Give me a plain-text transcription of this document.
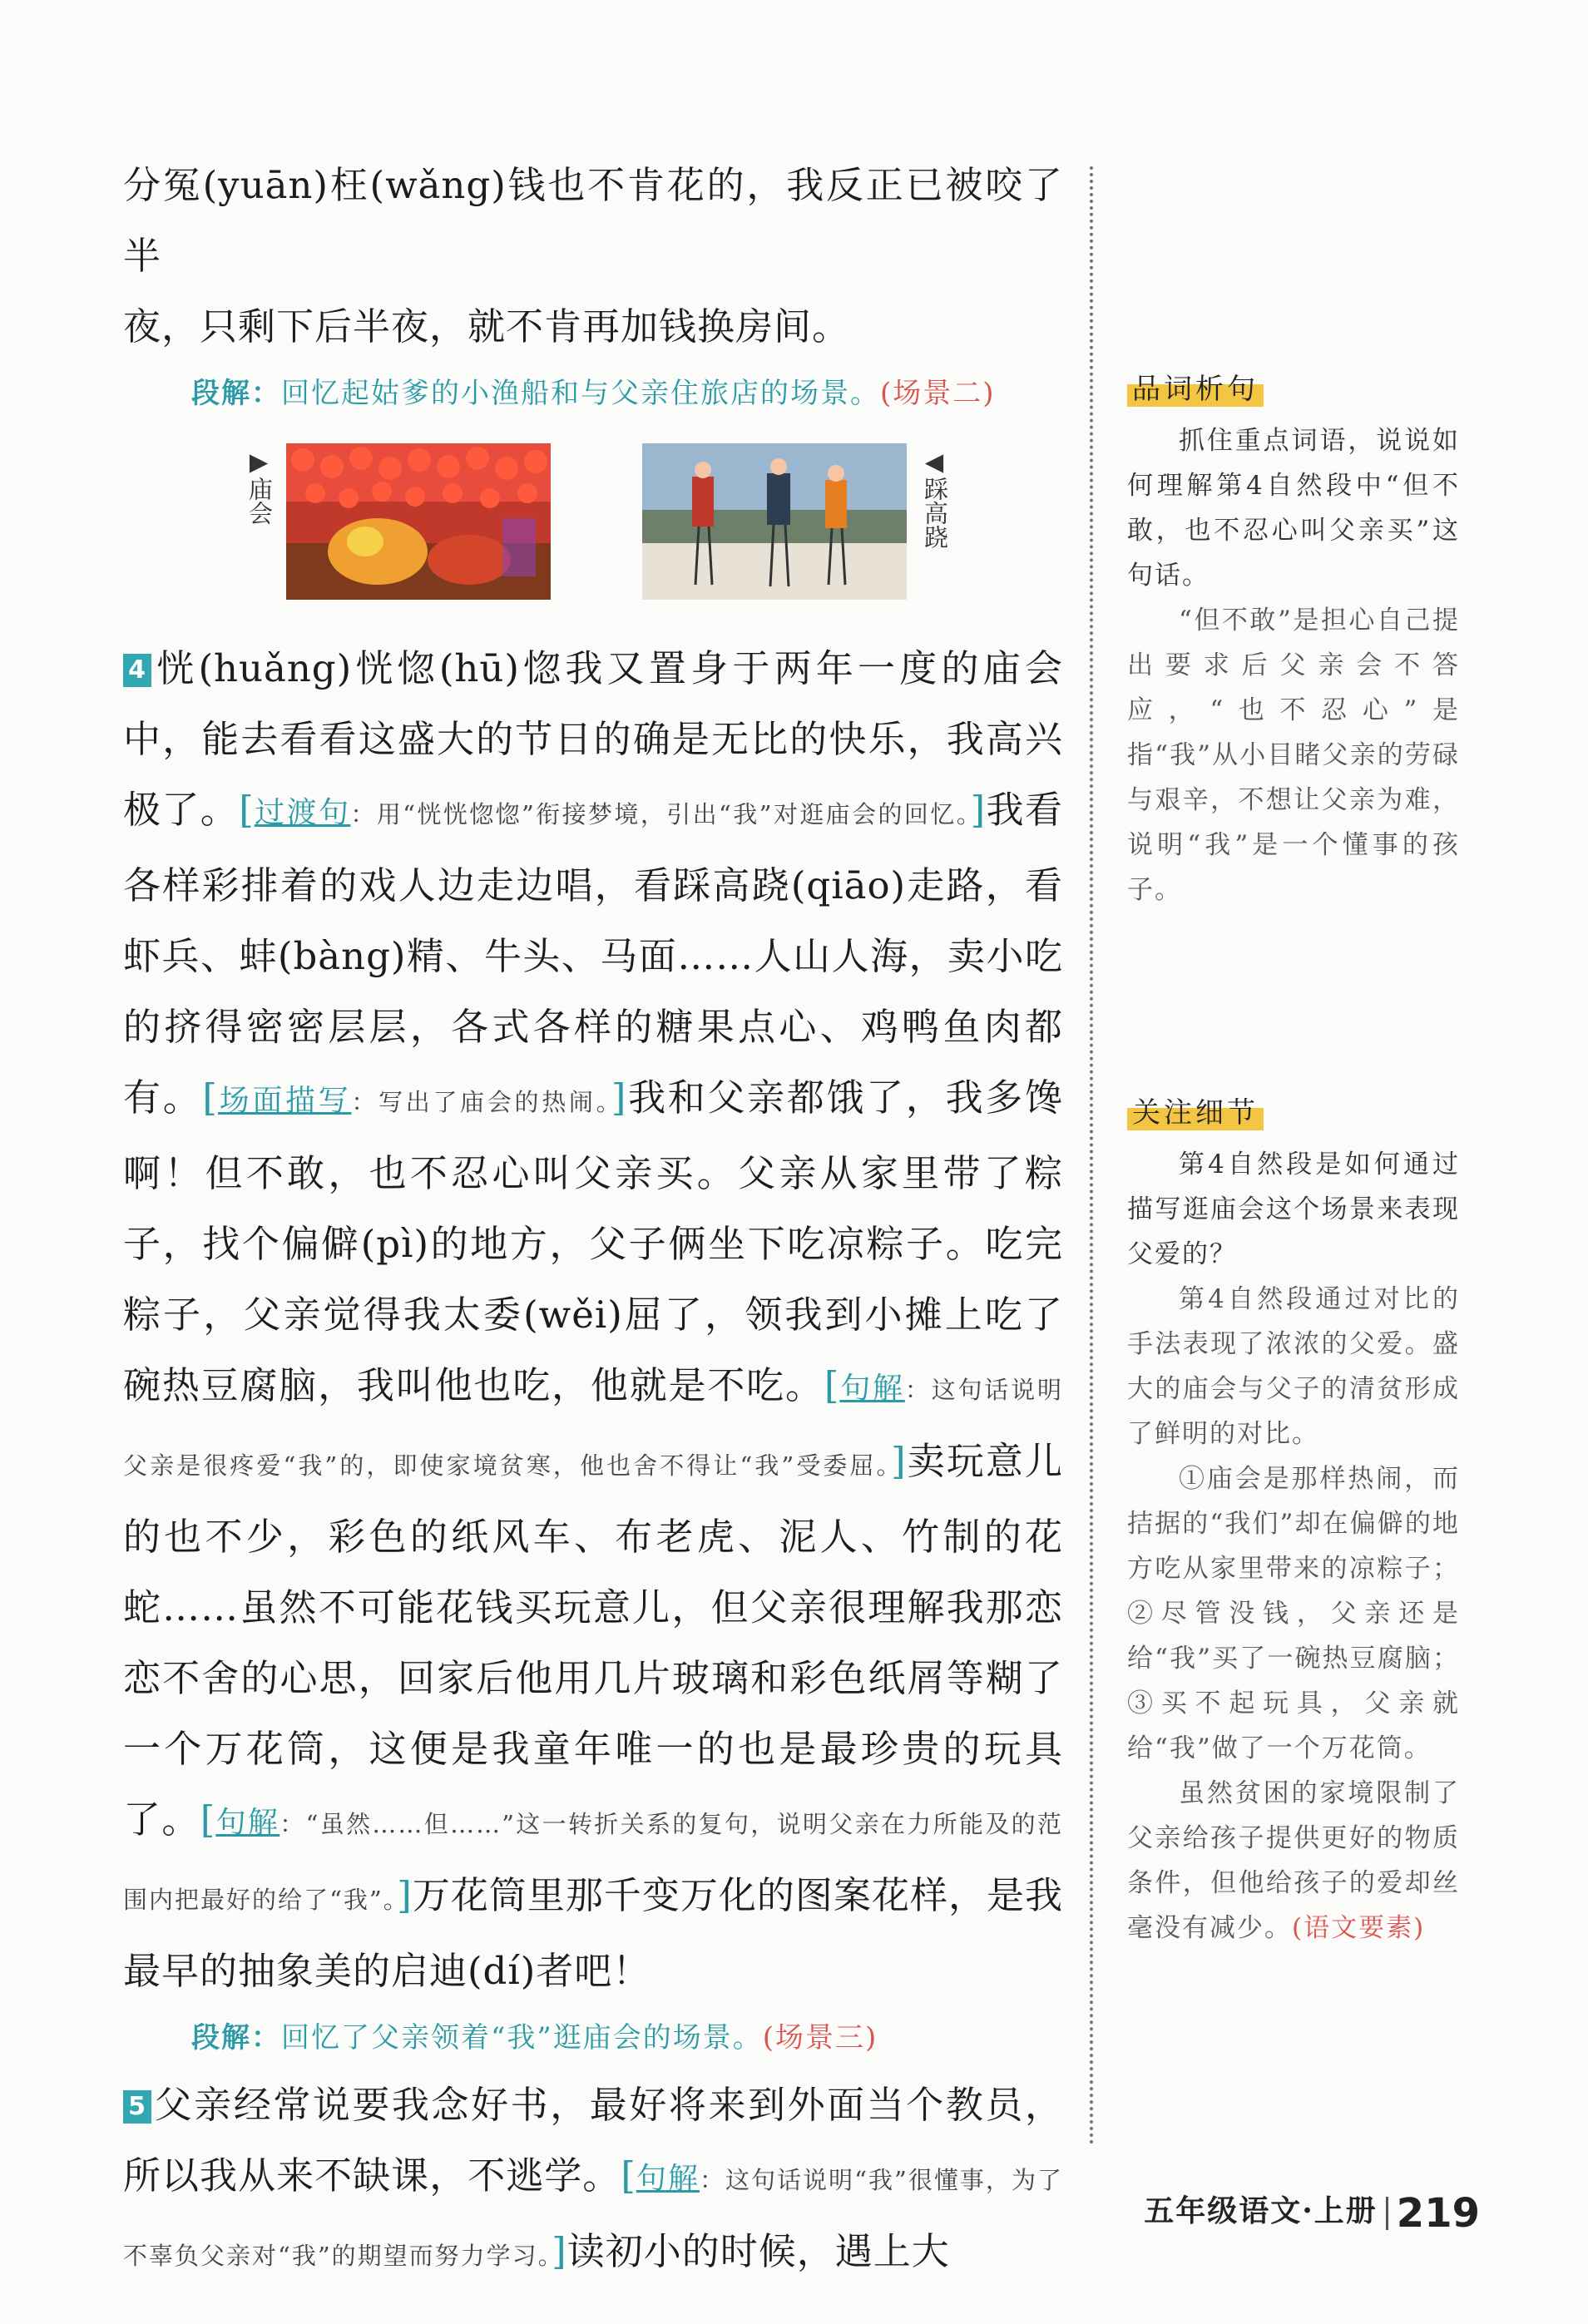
分冤(yuān)枉(wǎng)钱也不肯花的，我反正已被咬了半
夜，只剩下后半夜，就不肯再加钱换房间。

段解：回忆起姑爹的小渔船和与父亲住旅店的场景。(场景二)
▶
庙会
◀
踩高跷

4 恍(huǎng)恍惚(hū)惚我又置身于两年一度的庙会中，能去看看这盛大的节日的确是无比的快乐，我高兴极了。[过渡句：用“恍恍惚惚”衔接梦境，引出“我”对逛庙会的回忆。]我看各样彩排着的戏人边走边唱，看踩高跷(qiāo)走路，看虾兵、蚌(bàng)精、牛头、马面……人山人海，卖小吃的挤得密密层层，各式各样的糖果点心、鸡鸭鱼肉都有。[场面描写：写出了庙会的热闹。]我和父亲都饿了，我多馋啊！但不敢，也不忍心叫父亲买。父亲从家里带了粽子，找个偏僻(pì)的地方，父子俩坐下吃凉粽子。吃完粽子，父亲觉得我太委(wěi)屈了，领我到小摊上吃了碗热豆腐脑，我叫他也吃，他就是不吃。[句解：这句话说明父亲是很疼爱“我”的，即使家境贫寒，他也舍不得让“我”受委屈。]卖玩意儿的也不少，彩色的纸风车、布老虎、泥人、竹制的花蛇……虽然不可能花钱买玩意儿，但父亲很理解我那恋恋不舍的心思，回家后他用几片玻璃和彩色纸屑等糊了一个万花筒，这便是我童年唯一的也是最珍贵的玩具了。[句解：“虽然……但……”这一转折关系的复句，说明父亲在力所能及的范围内把最好的给了“我”。]万花筒里那千变万化的图案花样，是我最早的抽象美的启迪(dí)者吧！

段解：回忆了父亲领着“我”逛庙会的场景。(场景三)

5 父亲经常说要我念好书，最好将来到外面当个教员，所以我从来不缺课，不逃学。[句解：这句话说明“我”很懂事，为了不辜负父亲对“我”的期望而努力学习。]读初小的时候，遇上大

品词析句

抓住重点词语，说说如何理解第4自然段中“但不敢，也不忍心叫父亲买”这句话。

“但不敢”是担心自己提出要求后父亲会不答应，“也不忍心”是指“我”从小目睹父亲的劳碌与艰辛，不想让父亲为难，说明“我”是一个懂事的孩子。

关注细节

第4自然段是如何通过描写逛庙会这个场景来表现父爱的？

第4自然段通过对比的手法表现了浓浓的父爱。盛大的庙会与父子的清贫形成了鲜明的对比。

①庙会是那样热闹，而拮据的“我们”却在偏僻的地方吃从家里带来的凉粽子；②尽管没钱，父亲还是给“我”买了一碗热豆腐脑；③买不起玩具，父亲就给“我”做了一个万花筒。

虽然贫困的家境限制了父亲给孩子提供更好的物质条件，但他给孩子的爱却丝毫没有减少。(语文要素)

五年级语文·上册 219
